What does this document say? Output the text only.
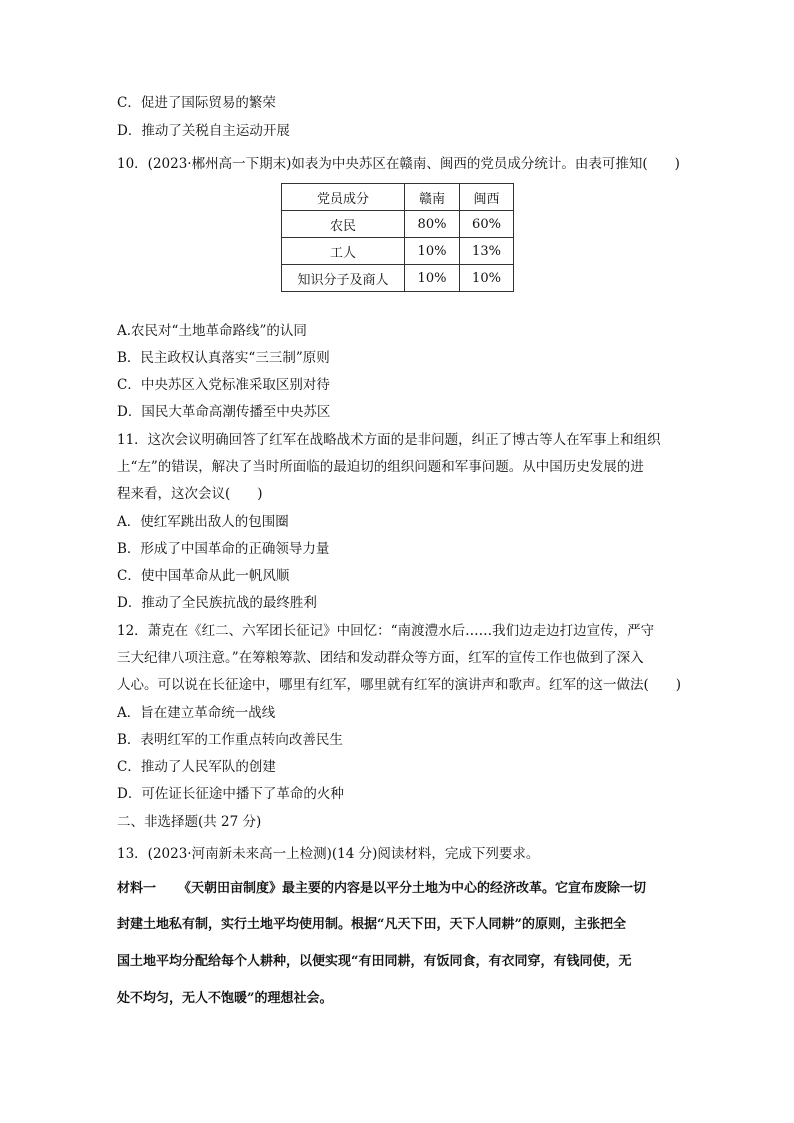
C．促进了国际贸易的繁荣
D．推动了关税自主运动开展
10．(2023·郴州高一下期末)如表为中央苏区在赣南、闽西的党员成分统计。由表可推知(　　)
党员成分	赣南	闽西
农民	80%	60%
工人	10%	13%
知识分子及商人	10%	10%
A.农民对“土地革命路线”的认同
B．民主政权认真落实“三三制”原则
C．中央苏区入党标准采取区别对待
D．国民大革命高潮传播至中央苏区
11．这次会议明确回答了红军在战略战术方面的是非问题，纠正了博古等人在军事上和组织
上“左”的错误，解决了当时所面临的最迫切的组织问题和军事问题。从中国历史发展的进
程来看，这次会议(　　)
A．使红军跳出敌人的包围圈
B．形成了中国革命的正确领导力量
C．使中国革命从此一帆风顺
D．推动了全民族抗战的最终胜利
12．萧克在《红二、六军团长征记》中回忆：“南渡澧水后……我们边走边打边宣传，严守
三大纪律八项注意。”在筹粮筹款、团结和发动群众等方面，红军的宣传工作也做到了深入
人心。可以说在长征途中，哪里有红军，哪里就有红军的演讲声和歌声。红军的这一做法(　　)
A．旨在建立革命统一战线
B．表明红军的工作重点转向改善民生
C．推动了人民军队的创建
D．可佐证长征途中播下了革命的火种
二、非选择题(共 27 分)
13．(2023·河南新未来高一上检测)(14 分)阅读材料，完成下列要求。
材料一 《天朝田亩制度》最主要的内容是以平分土地为中心的经济改革。它宣布废除一切
封建土地私有制，实行土地平均使用制。根据“凡天下田，天下人同耕”的原则，主张把全
国土地平均分配给每个人耕种，以便实现“有田同耕，有饭同食，有衣同穿，有钱同使，无
处不均匀，无人不饱暖”的理想社会。
